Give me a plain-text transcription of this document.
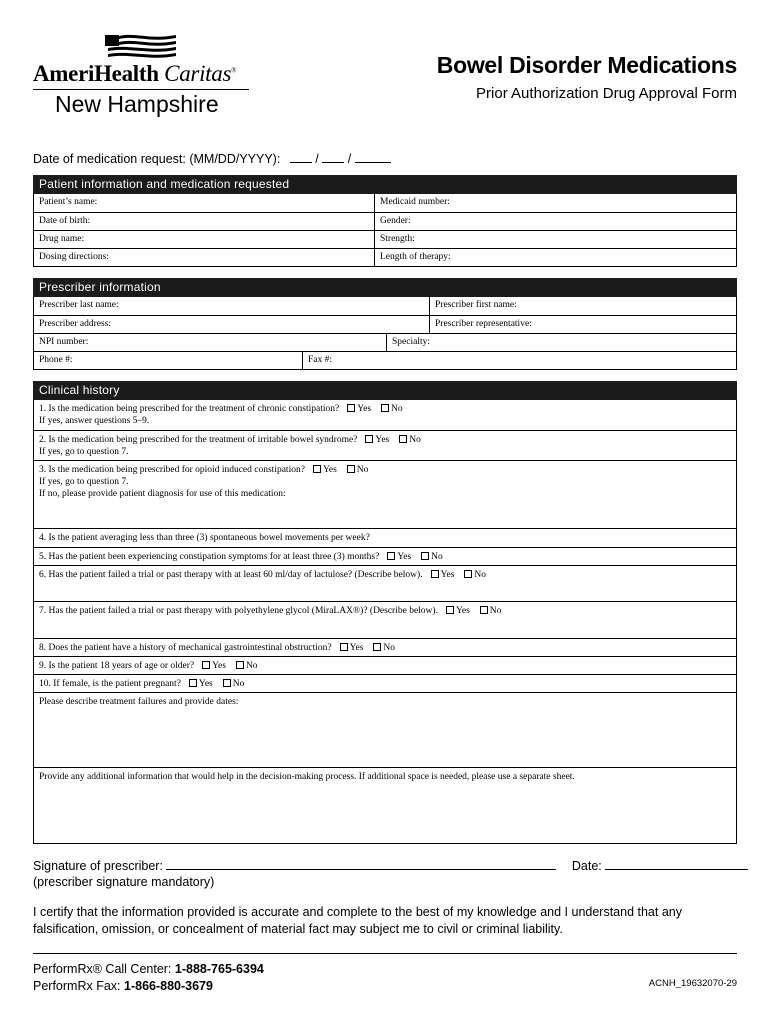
AmeriHealth Caritas®
New Hampshire
Bowel Disorder Medications
Prior Authorization Drug Approval Form
Date of medication request: (MM/DD/YYYY):	/ /
Patient information and medication requested
Patient’s name:	Medicaid number:
Date of birth:	Gender:
Drug name:	Strength:
Dosing directions:	Length of therapy:
Prescriber information
Prescriber last name:	Prescriber first name:
Prescriber address:	Prescriber representative:
NPI number:	Specialty:
Phone #:	Fax #:
Clinical history

1. Is the medication being prescribed for the treatment of chronic constipation? Yes No

If yes, answer questions 5–9.

2. Is the medication being prescribed for the treatment of irritable bowel syndrome? Yes No

If yes, go to question 7.

3. Is the medication being prescribed for opioid induced constipation? Yes No

If yes, go to question 7.

If no, please provide patient diagnosis for use of this medication:

4. Is the patient averaging less than three (3) spontaneous bowel movements per week?

5. Has the patient been experiencing constipation symptoms for at least three (3) months? Yes No

6. Has the patient failed a trial or past therapy with at least 60 ml/day of lactulose? (Describe below). Yes No

7. Has the patient failed a trial or past therapy with polyethylene glycol (MiraLAX®)? (Describe below). Yes No

8. Does the patient have a history of mechanical gastrointestinal obstruction? Yes No

9. Is the patient 18 years of age or older? Yes No

10. If female, is the patient pregnant? Yes No

Please describe treatment failures and provide dates:

Provide any additional information that would help in the decision-making process. If additional space is needed, please use a separate sheet.

Signature of prescriber:	Date:
(prescriber signature mandatory)
I certify that the information provided is accurate and complete to the best of my knowledge and I understand that any falsification, omission, or concealment of material fact may subject me to civil or criminal liability.
PerformRx® Call Center: 1-888-765-6394
PerformRx Fax: 1-866-880-3679	ACNH_19632070-29
